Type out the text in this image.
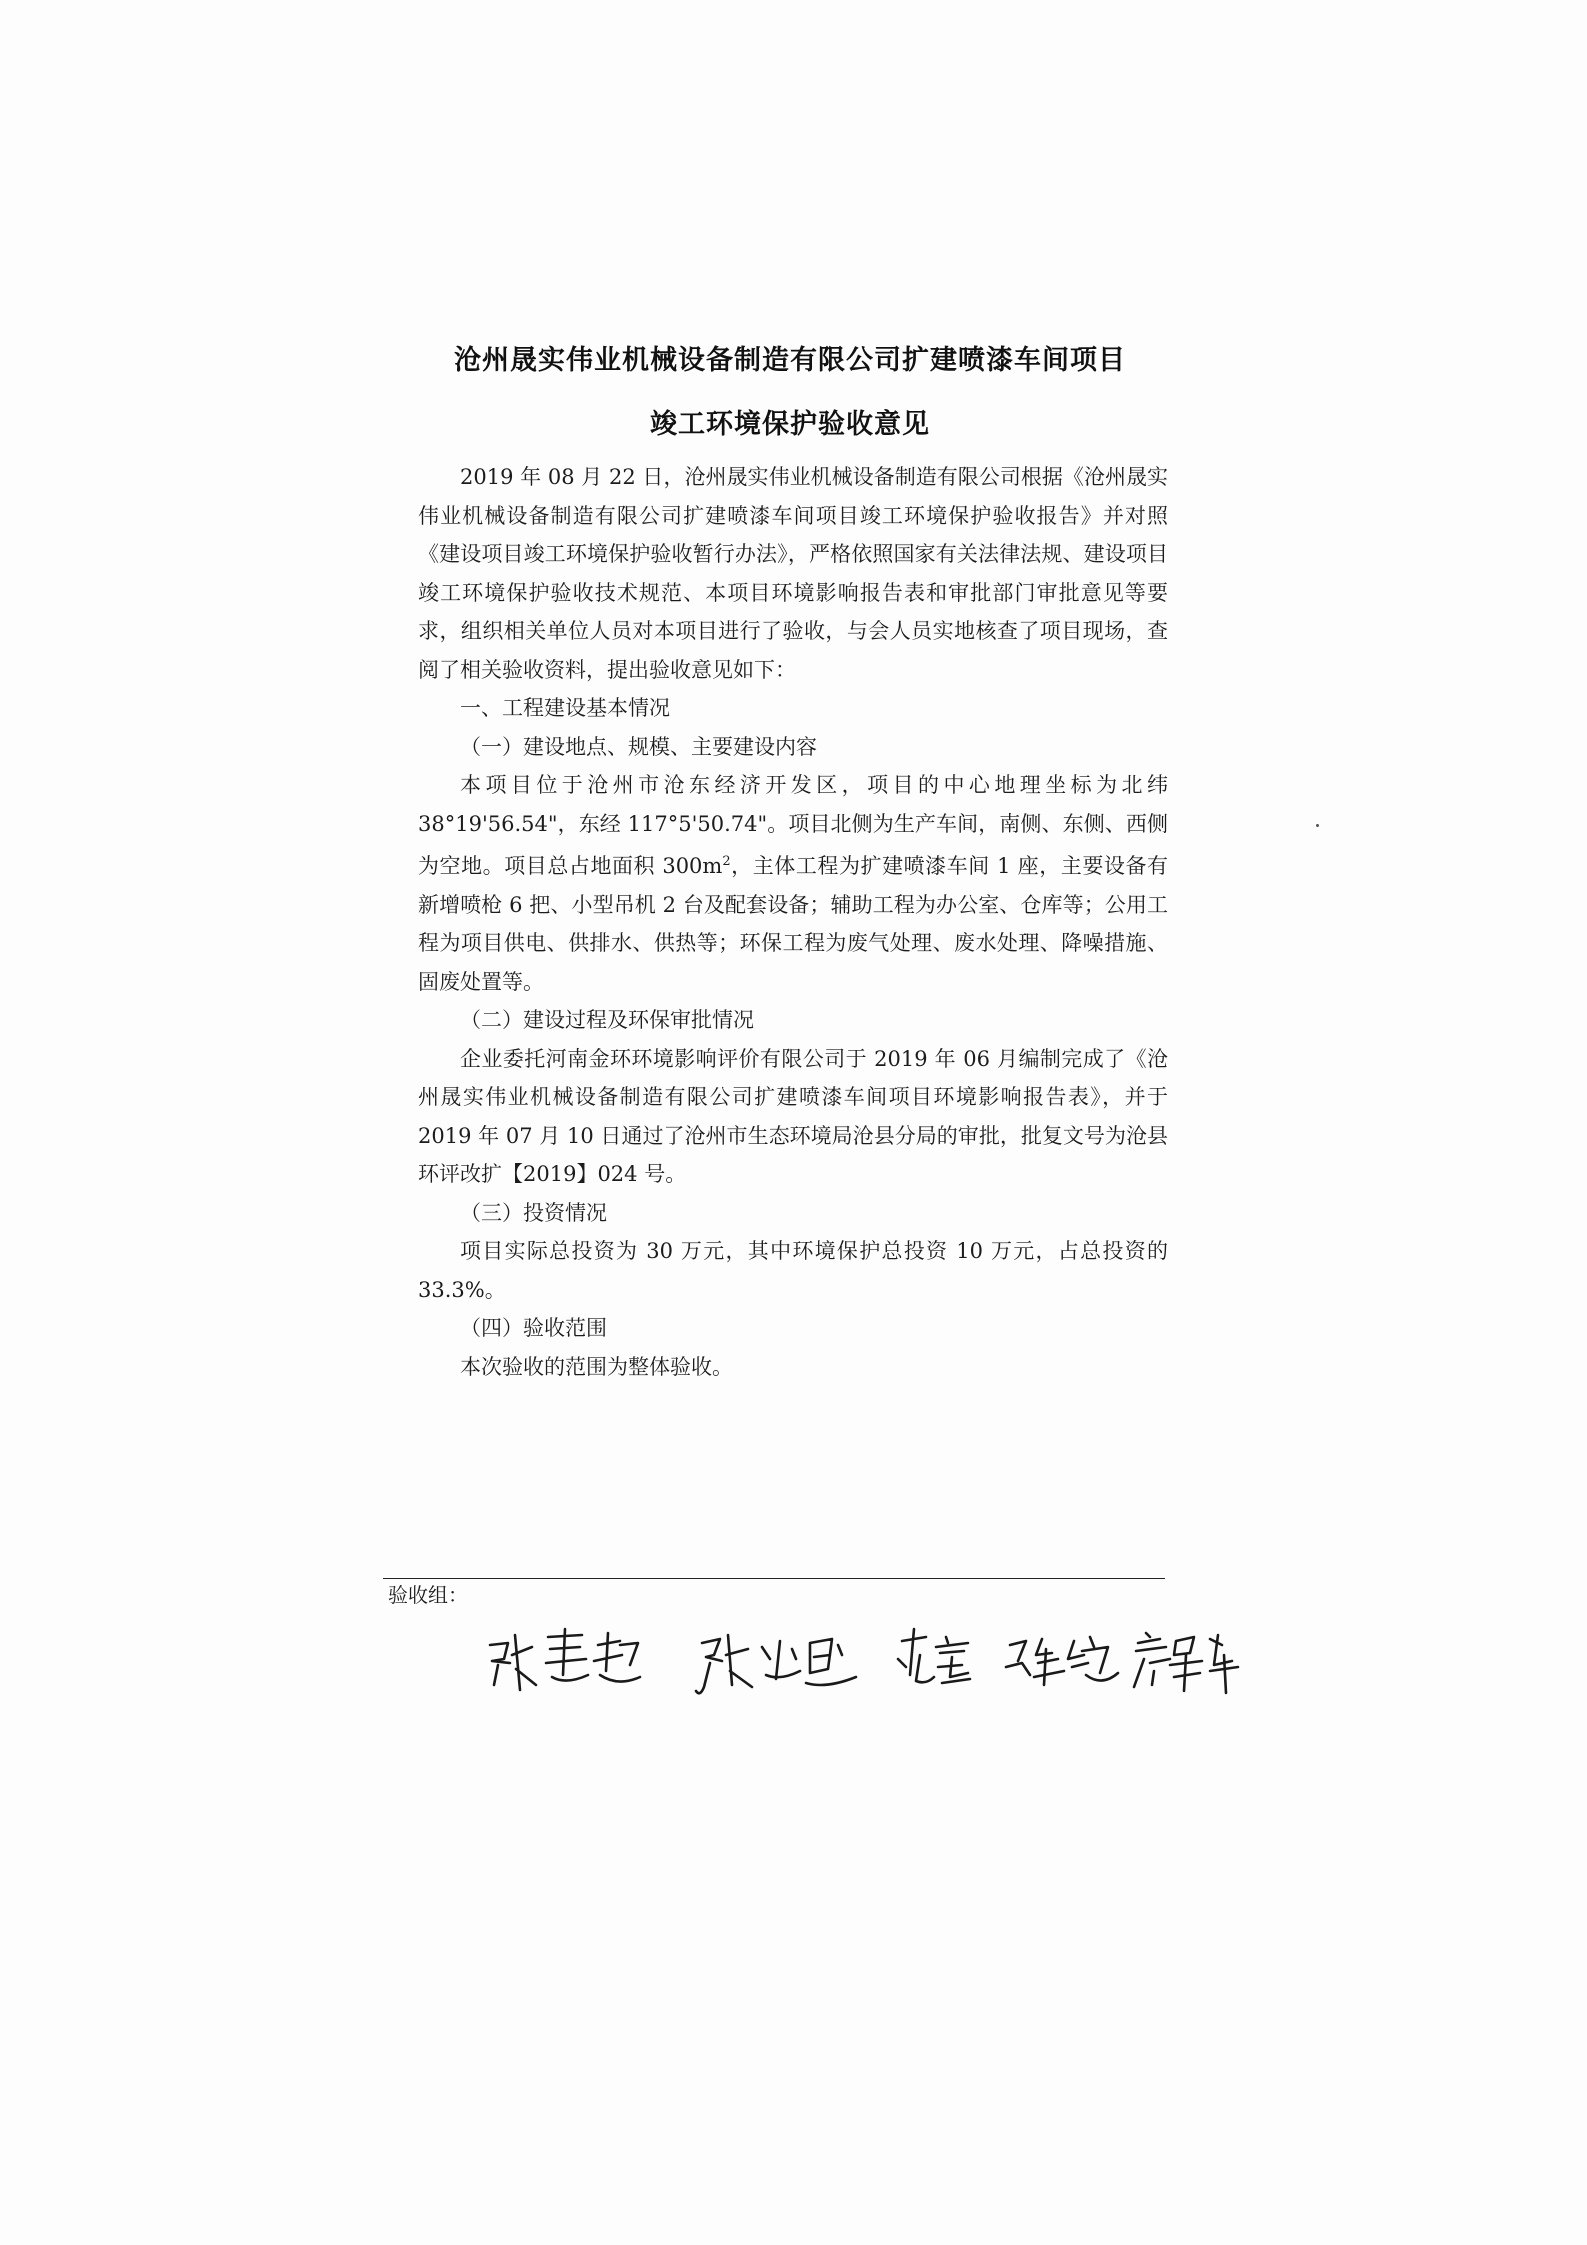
沧州晟实伟业机械设备制造有限公司扩建喷漆车间项目
竣工环境保护验收意见

2019 年 08 月 22 日，沧州晟实伟业机械设备制造有限公司根据《沧州晟实伟业机械设备制造有限公司扩建喷漆车间项目竣工环境保护验收报告》并对照《建设项目竣工环境保护验收暂行办法》，严格依照国家有关法律法规、建设项目竣工环境保护验收技术规范、本项目环境影响报告表和审批部门审批意见等要求，组织相关单位人员对本项目进行了验收，与会人员实地核查了项目现场，查阅了相关验收资料，提出验收意见如下：

一、工程建设基本情况

（一）建设地点、规模、主要建设内容

本项目位于沧州市沧东经济开发区，项目的中心地理坐标为北纬 38°19'56.54"，东经 117°5'50.74"。项目北侧为生产车间，南侧、东侧、西侧为空地。项目总占地面积 $300m^2$，主体工程为扩建喷漆车间 1 座，主要设备有新增喷枪 6 把、小型吊机 2 台及配套设备；辅助工程为办公室、仓库等；公用工程为项目供电、供排水、供热等；环保工程为废气处理、废水处理、降噪措施、固废处置等。

（二）建设过程及环保审批情况

企业委托河南金环环境影响评价有限公司于 2019 年 06 月编制完成了《沧州晟实伟业机械设备制造有限公司扩建喷漆车间项目环境影响报告表》，并于 2019 年 07 月 10 日通过了沧州市生态环境局沧县分局的审批，批复文号为沧县环评改扩【2019】024 号。

（三）投资情况

项目实际总投资为 30 万元，其中环境保护总投资 10 万元，占总投资的 33.3%。

（四）验收范围

本次验收的范围为整体验收。

验收组：
